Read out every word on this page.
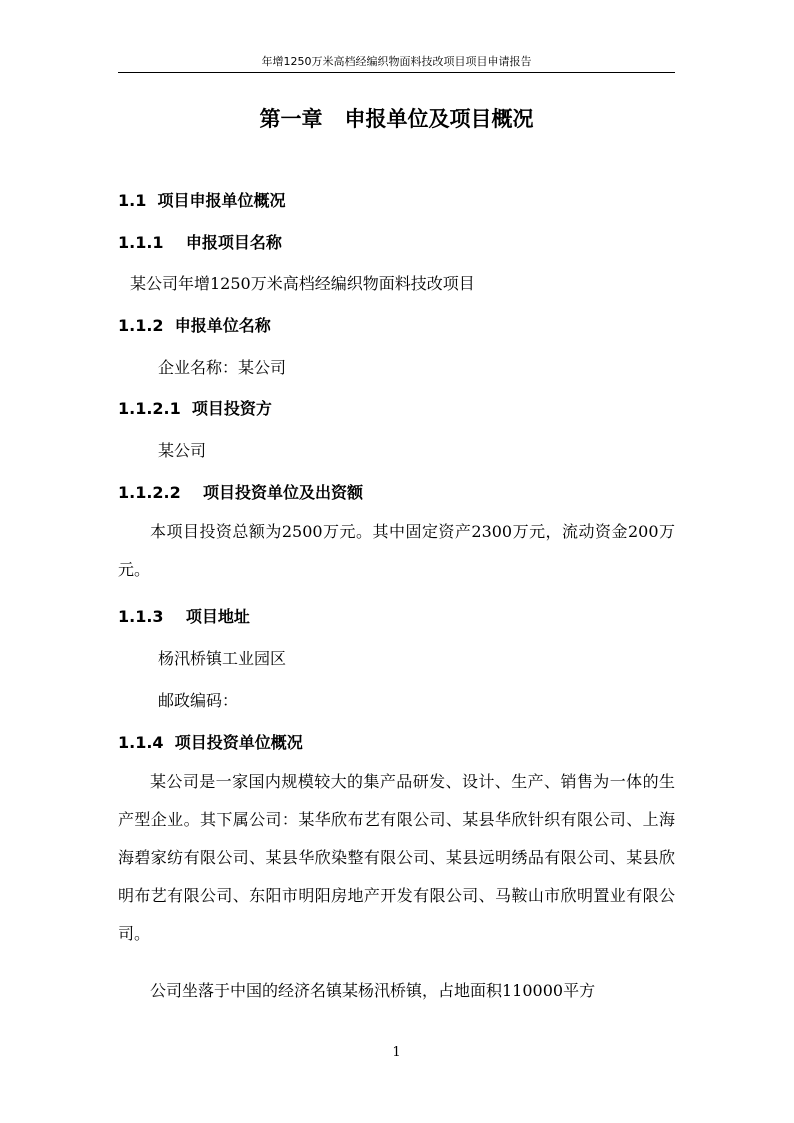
年增1250万米高档经编织物面料技改项目项目申请报告
第一章   申报单位及项目概况
1.1  项目申报单位概况
1.1.1    申报项目名称
某公司年增1250万米高档经编织物面料技改项目
1.1.2  申报单位名称
企业名称：某公司
1.1.2.1  项目投资方
某公司
1.1.2.2    项目投资单位及出资额
本项目投资总额为2500万元。其中固定资产2300万元，流动资金200万元。
1.1.3    项目地址
杨汛桥镇工业园区
邮政编码：
1.1.4  项目投资单位概况
某公司是一家国内规模较大的集产品研发、设计、生产、销售为一体的生产型企业。其下属公司：某华欣布艺有限公司、某县华欣针织有限公司、上海海碧家纺有限公司、某县华欣染整有限公司、某县远明绣品有限公司、某县欣明布艺有限公司、东阳市明阳房地产开发有限公司、马鞍山市欣明置业有限公司。
公司坐落于中国的经济名镇某杨汛桥镇，占地面积110000平方
1
